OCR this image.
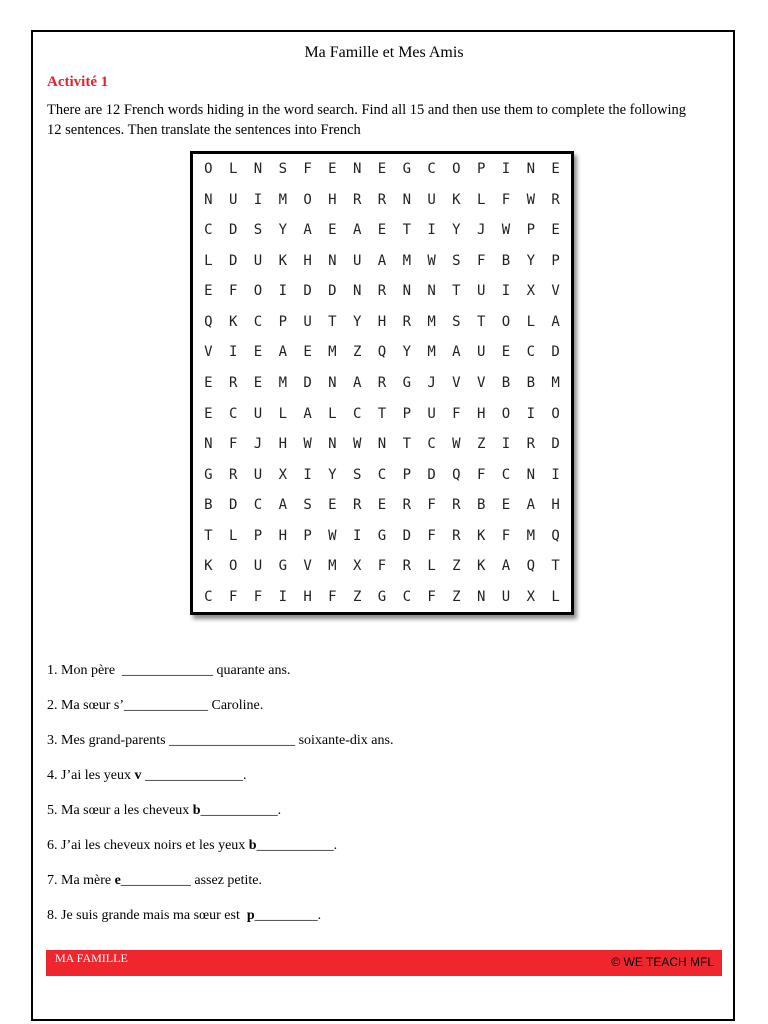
Ma Famille et Mes Amis
Activité 1
There are 12 French words hiding in the word search. Find all 15 and then use them to complete the following 12 sentences. Then translate the sentences into French
O	L	N	S	F	E	N	E	G	C	O	P	I	N	E
N	U	I	M	O	H	R	R	N	U	K	L	F	W	R
C	D	S	Y	A	E	A	E	T	I	Y	J	W	P	E
L	D	U	K	H	N	U	A	M	W	S	F	B	Y	P
E	F	O	I	D	D	N	R	N	N	T	U	I	X	V
Q	K	C	P	U	T	Y	H	R	M	S	T	O	L	A
V	I	E	A	E	M	Z	Q	Y	M	A	U	E	C	D
E	R	E	M	D	N	A	R	G	J	V	V	B	B	M
E	C	U	L	A	L	C	T	P	U	F	H	O	I	O
N	F	J	H	W	N	W	N	T	C	W	Z	I	R	D
G	R	U	X	I	Y	S	C	P	D	Q	F	C	N	I
B	D	C	A	S	E	R	E	R	F	R	B	E	A	H
T	L	P	H	P	W	I	G	D	F	R	K	F	M	Q
K	O	U	G	V	M	X	F	R	L	Z	K	A	Q	T
C	F	F	I	H	F	Z	G	C	F	Z	N	U	X	L
1. Mon père  _____________ quarante ans.
2. Ma sœur s’____________ Caroline.
3. Mes grand-parents __________________ soixante-dix ans.
4. J’ai les yeux v ______________.
5. Ma sœur a les cheveux b___________.
6. J’ai les cheveux noirs et les yeux b___________.
7. Ma mère e__________ assez petite.
8. Je suis grande mais ma sœur est  p_________.
MA FAMILLE	© WE TEACH MFL
